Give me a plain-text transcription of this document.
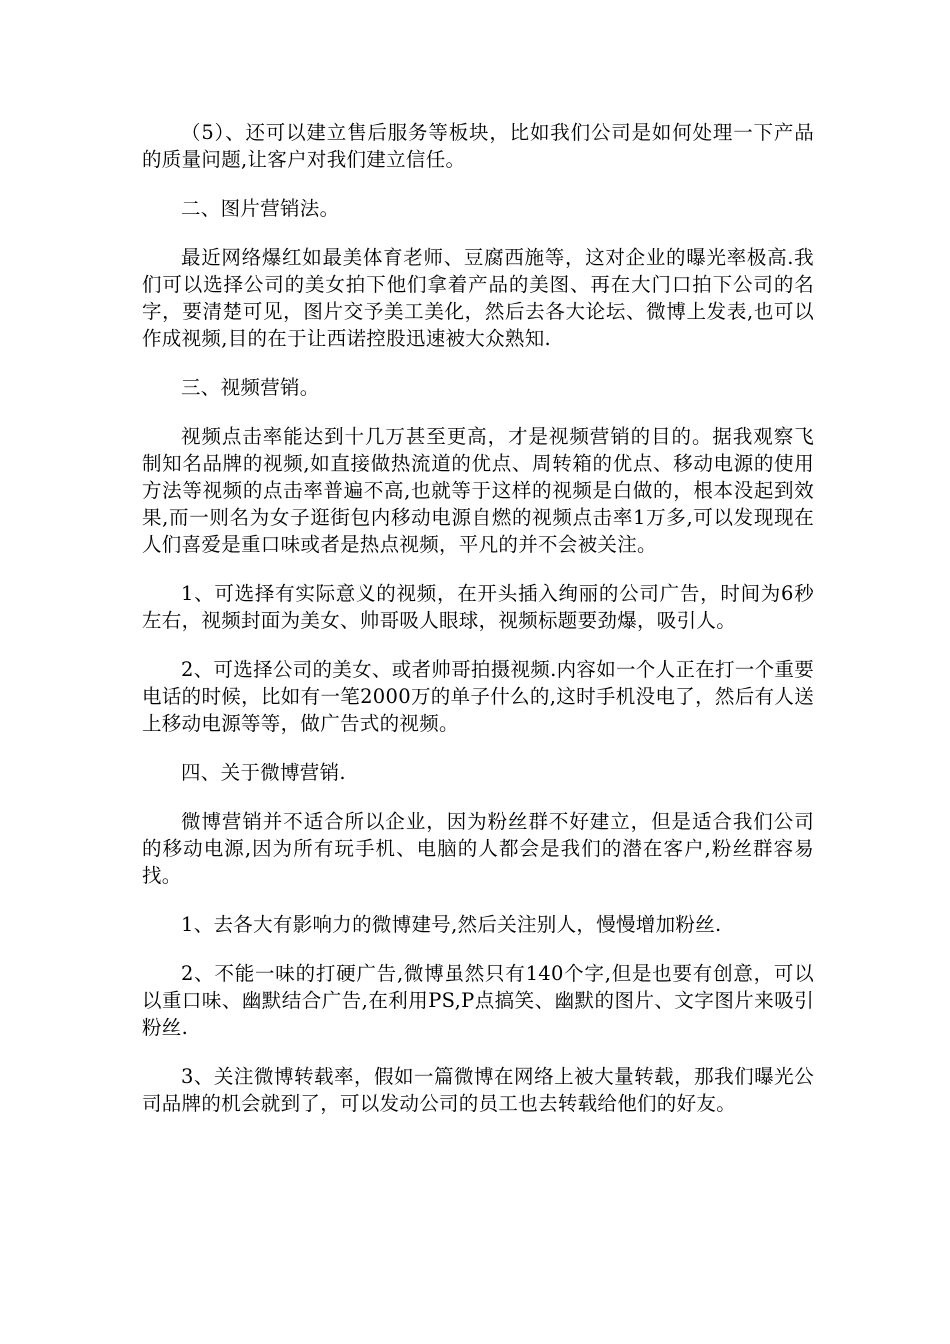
（5）、还可以建立售后服务等板块，比如我们公司是如何处理一下产品的质量问题,让客户对我们建立信任。

二、图片营销法。

最近网络爆红如最美体育老师、豆腐西施等，这对企业的曝光率极高.我们可以选择公司的美女拍下他们拿着产品的美图、再在大门口拍下公司的名字，要清楚可见，图片交予美工美化，然后去各大论坛、微博上发表,也可以作成视频,目的在于让西诺控股迅速被大众熟知.

三、视频营销。

视频点击率能达到十几万甚至更高，才是视频营销的目的。据我观察飞制知名品牌的视频,如直接做热流道的优点、周转箱的优点、移动电源的使用方法等视频的点击率普遍不高,也就等于这样的视频是白做的，根本没起到效果,而一则名为女子逛街包内移动电源自燃的视频点击率1万多,可以发现现在人们喜爱是重口味或者是热点视频，平凡的并不会被关注。

1、可选择有实际意义的视频，在开头插入绚丽的公司广告，时间为6秒左右，视频封面为美女、帅哥吸人眼球，视频标题要劲爆，吸引人。

2、可选择公司的美女、或者帅哥拍摄视频.内容如一个人正在打一个重要电话的时候，比如有一笔2000万的单子什么的,这时手机没电了，然后有人送上移动电源等等，做广告式的视频。

四、关于微博营销.

微博营销并不适合所以企业，因为粉丝群不好建立，但是适合我们公司的移动电源,因为所有玩手机、电脑的人都会是我们的潜在客户,粉丝群容易找。

1、去各大有影响力的微博建号,然后关注别人，慢慢增加粉丝.

2、不能一味的打硬广告,微博虽然只有140个字,但是也要有创意，可以以重口味、幽默结合广告,在利用PS,P点搞笑、幽默的图片、文字图片来吸引粉丝.

3、关注微博转载率，假如一篇微博在网络上被大量转载，那我们曝光公司品牌的机会就到了，可以发动公司的员工也去转载给他们的好友。
